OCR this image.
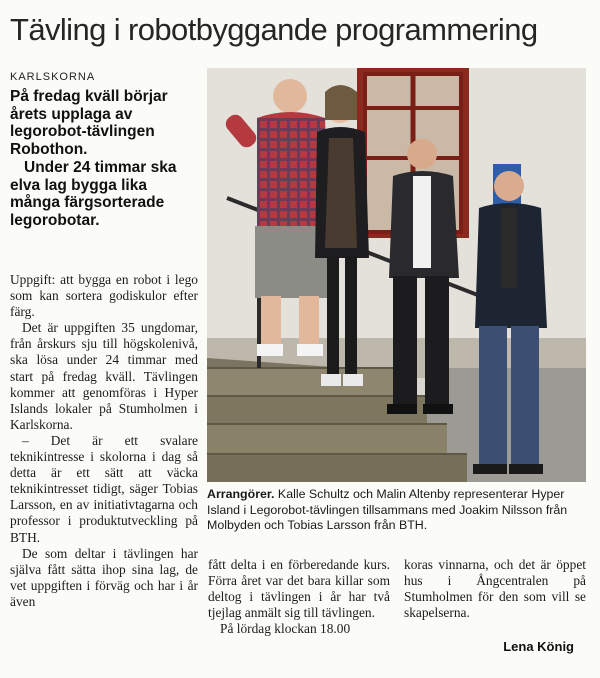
Tävling i robotbyggande programmering
KARLSKORNA

På fredag kväll börjar årets upplaga av legorobot-tävlingen Robothon.

Under 24 timmar ska elva lag bygga lika många färgsorterade legorobotar.

Uppgift: att bygga en robot i lego som kan sortera godiskulor efter färg.

Det är uppgiften 35 ungdomar, från årskurs sju till högskolenivå, ska lösa under 24 timmar med start på fredag kväll. Tävlingen kommer att genomföras i Hyper Islands lokaler på Stumholmen i Karlskorna.

– Det är ett svalare teknikintresse i skolorna i dag så detta är ett sätt att väcka teknikintresset tidigt, säger Tobias Larsson, en av initiativtagarna och professor i produktutveckling på BTH.

De som deltar i tävlingen har själva fått sätta ihop sina lag, de vet uppgiften i förväg och har i år även

Arrangörer. Kalle Schultz och Malin Altenby representerar Hyper Island i Legorobot-tävlingen tillsammans med Joakim Nilsson från Molbyden och Tobias Larsson från BTH.

fått delta i en förberedande kurs. Förra året var det bara killar som deltog i tävlingen i år har två tjejlag anmält sig till tävlingen.

På lördag klockan 18.00

koras vinnarna, och det är öppet hus i Ångcentralen på Stumholmen för den som vill se skapelserna.

Lena König
